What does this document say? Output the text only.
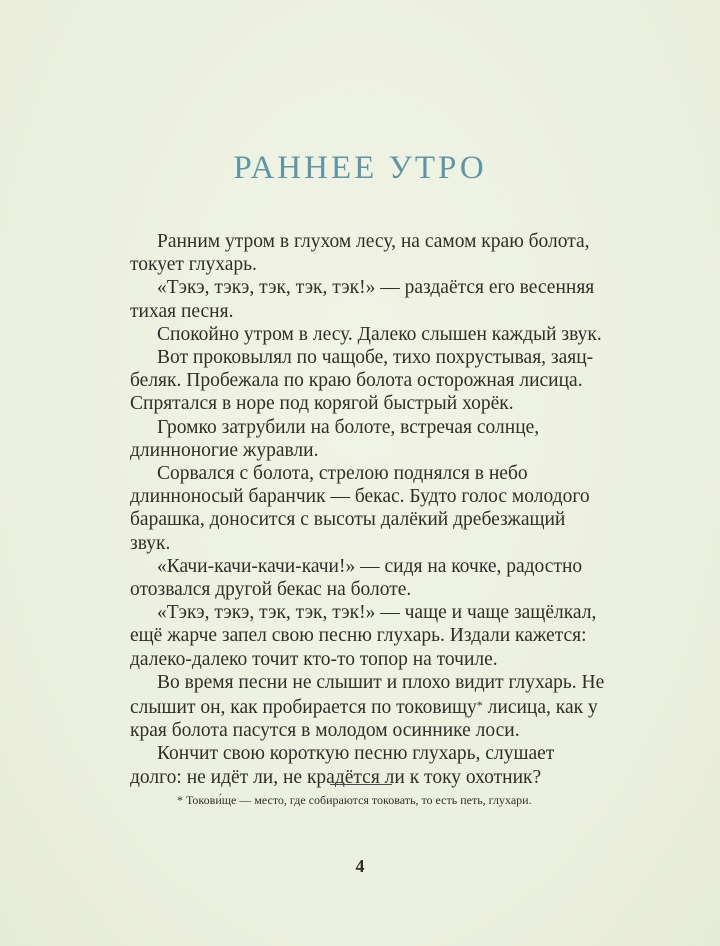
РАННЕЕ УТРО

Ранним утром в глухом лесу, на самом краю болота, токует глухарь.

«Тэкэ, тэкэ, тэк, тэк, тэк!» — раздаётся его весенняя тихая песня.

Спокойно утром в лесу. Далеко слышен каждый звук.

Вот проковылял по чащобе, тихо похрустывая, заяц-беляк. Пробежала по краю болота осторожная лисица. Спрятался в норе под корягой быстрый хорёк.

Громко затрубили на болоте, встречая солнце, длинноногие журавли.

Сорвался с болота, стрелою поднялся в небо длинноносый баранчик — бекас. Будто голос молодого барашка, доносится с высоты далёкий дребезжащий звук.

«Качи-качи-качи-качи!» — сидя на кочке, радостно отозвался другой бекас на болоте.

«Тэкэ, тэкэ, тэк, тэк, тэк!» — чаще и чаще защёлкал, ещё жарче запел свою песню глухарь. Издали кажется: далеко-далеко точит кто-то топор на точиле.

Во время песни не слышит и плохо видит глухарь. Не слышит он, как пробирается по токовищу* лисица, как у края болота пасутся в молодом осиннике лоси.

Кончит свою короткую песню глухарь, слушает долго: не идёт ли, не крадётся ли к току охотник?

* Токови́ще — место, где собираются токовать, то есть петь, глухари.
4
